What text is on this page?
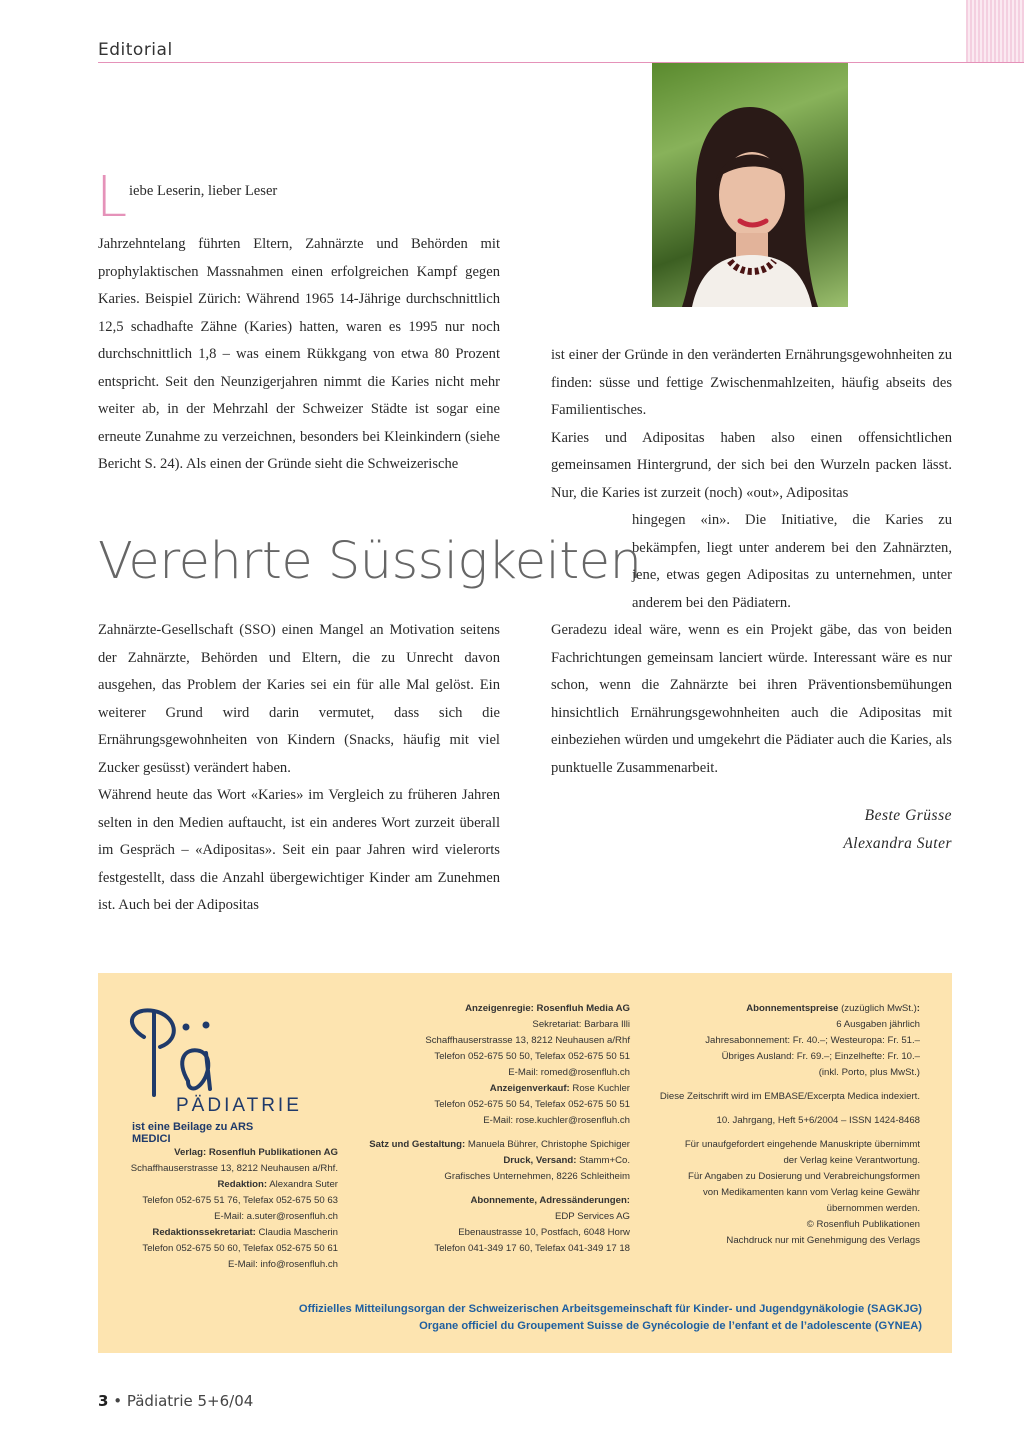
Editorial
L iebe Leserin, lieber Leser

Jahrzehntelang führten Eltern, Zahnärzte und Behörden mit prophylaktischen Massnahmen einen erfolgreichen Kampf gegen Karies. Beispiel Zürich: Während 1965 14-Jährige durchschnittlich 12,5 schadhafte Zähne (Karies) hatten, waren es 1995 nur noch durchschnittlich 1,8 – was einem Rükkgang von etwa 80 Prozent entspricht. Seit den Neunzigerjahren nimmt die Karies nicht mehr weiter ab, in der Mehrzahl der Schweizer Städte ist sogar eine erneute Zunahme zu verzeichnen, besonders bei Kleinkindern (siehe Bericht S. 24). Als einen der Gründe sieht die Schweizerische

Verehrte Süssigkeiten

Zahnärzte-Gesellschaft (SSO) einen Mangel an Motivation seitens der Zahnärzte, Behörden und Eltern, die zu Unrecht davon ausgehen, das Problem der Karies sei ein für alle Mal gelöst. Ein weiterer Grund wird darin vermutet, dass sich die Ernährungsgewohnheiten von Kindern (Snacks, häufig mit viel Zucker gesüsst) verändert haben.

Während heute das Wort «Karies» im Vergleich zu früheren Jahren selten in den Medien auftaucht, ist ein anderes Wort zurzeit überall im Gespräch – «Adipositas». Seit ein paar Jahren wird vielerorts festgestellt, dass die Anzahl übergewichtiger Kinder am Zunehmen ist. Auch bei der Adipositas

ist einer der Gründe in den veränderten Ernährungsgewohnheiten zu finden: süsse und fettige Zwischenmahlzeiten, häufig abseits des Familientisches.

Karies und Adipositas haben also einen offensichtlichen gemeinsamen Hintergrund, der sich bei den Wurzeln packen lässt. Nur, die Karies ist zurzeit (noch) «out», Adipositas

hingegen «in». Die Initiative, die Karies zu bekämpfen, liegt unter anderem bei den Zahnärzten, jene, etwas gegen Adipositas zu unternehmen, unter anderem bei den Pädiatern.

Geradezu ideal wäre, wenn es ein Projekt gäbe, das von beiden Fachrichtungen gemeinsam lanciert würde. Interessant wäre es nur schon, wenn die Zahnärzte bei ihren Präventionsbemühungen hinsichtlich Ernährungsgewohnheiten auch die Adipositas mit einbeziehen würden und umgekehrt die Pädiater auch die Karies, als punktuelle Zusammenarbeit.

Beste Grüsse
Alexandra Suter
PÄDIATRIE
ist eine Beilage zu ARS MEDICI
Verlag: Rosenfluh Publikationen AG
Schaffhauserstrasse 13, 8212 Neuhausen a/Rhf.
Redaktion: Alexandra Suter
Telefon 052-675 51 76, Telefax 052-675 50 63
E-Mail: a.suter@rosenfluh.ch
Redaktionssekretariat: Claudia Mascherin
Telefon 052-675 50 60, Telefax 052-675 50 61
E-Mail: info@rosenfluh.ch
Anzeigenregie: Rosenfluh Media AG
Sekretariat: Barbara Illi
Schaffhauserstrasse 13, 8212 Neuhausen a/Rhf
Telefon 052-675 50 50, Telefax 052-675 50 51
E-Mail: romed@rosenfluh.ch
Anzeigenverkauf: Rose Kuchler
Telefon 052-675 50 54, Telefax 052-675 50 51
E-Mail: rose.kuchler@rosenfluh.ch
Satz und Gestaltung: Manuela Bührer, Christophe Spichiger
Druck, Versand: Stamm+Co.
Grafisches Unternehmen, 8226 Schleitheim
Abonnemente, Adressänderungen:
EDP Services AG
Ebenaustrasse 10, Postfach, 6048 Horw
Telefon 041-349 17 60, Telefax 041-349 17 18
Abonnementspreise (zuzüglich MwSt.):
6 Ausgaben jährlich
Jahresabonnement: Fr. 40.–; Westeuropa: Fr. 51.–
Übriges Ausland: Fr. 69.–; Einzelhefte: Fr. 10.–
(inkl. Porto, plus MwSt.)
Diese Zeitschrift wird im EMBASE/Excerpta Medica indexiert.
10. Jahrgang, Heft 5+6/2004 – ISSN 1424-8468
Für unaufgefordert eingehende Manuskripte übernimmt
der Verlag keine Verantwortung.
Für Angaben zu Dosierung und Verabreichungsformen
von Medikamenten kann vom Verlag keine Gewähr
übernommen werden.
© Rosenfluh Publikationen
Nachdruck nur mit Genehmigung des Verlags
Offizielles Mitteilungsorgan der Schweizerischen Arbeitsgemeinschaft für Kinder- und Jugendgynäkologie (SAGKJG)
Organe officiel du Groupement Suisse de Gynécologie de l’enfant et de l’adolescente (GYNEA)
3 • Pädiatrie 5+6/04
